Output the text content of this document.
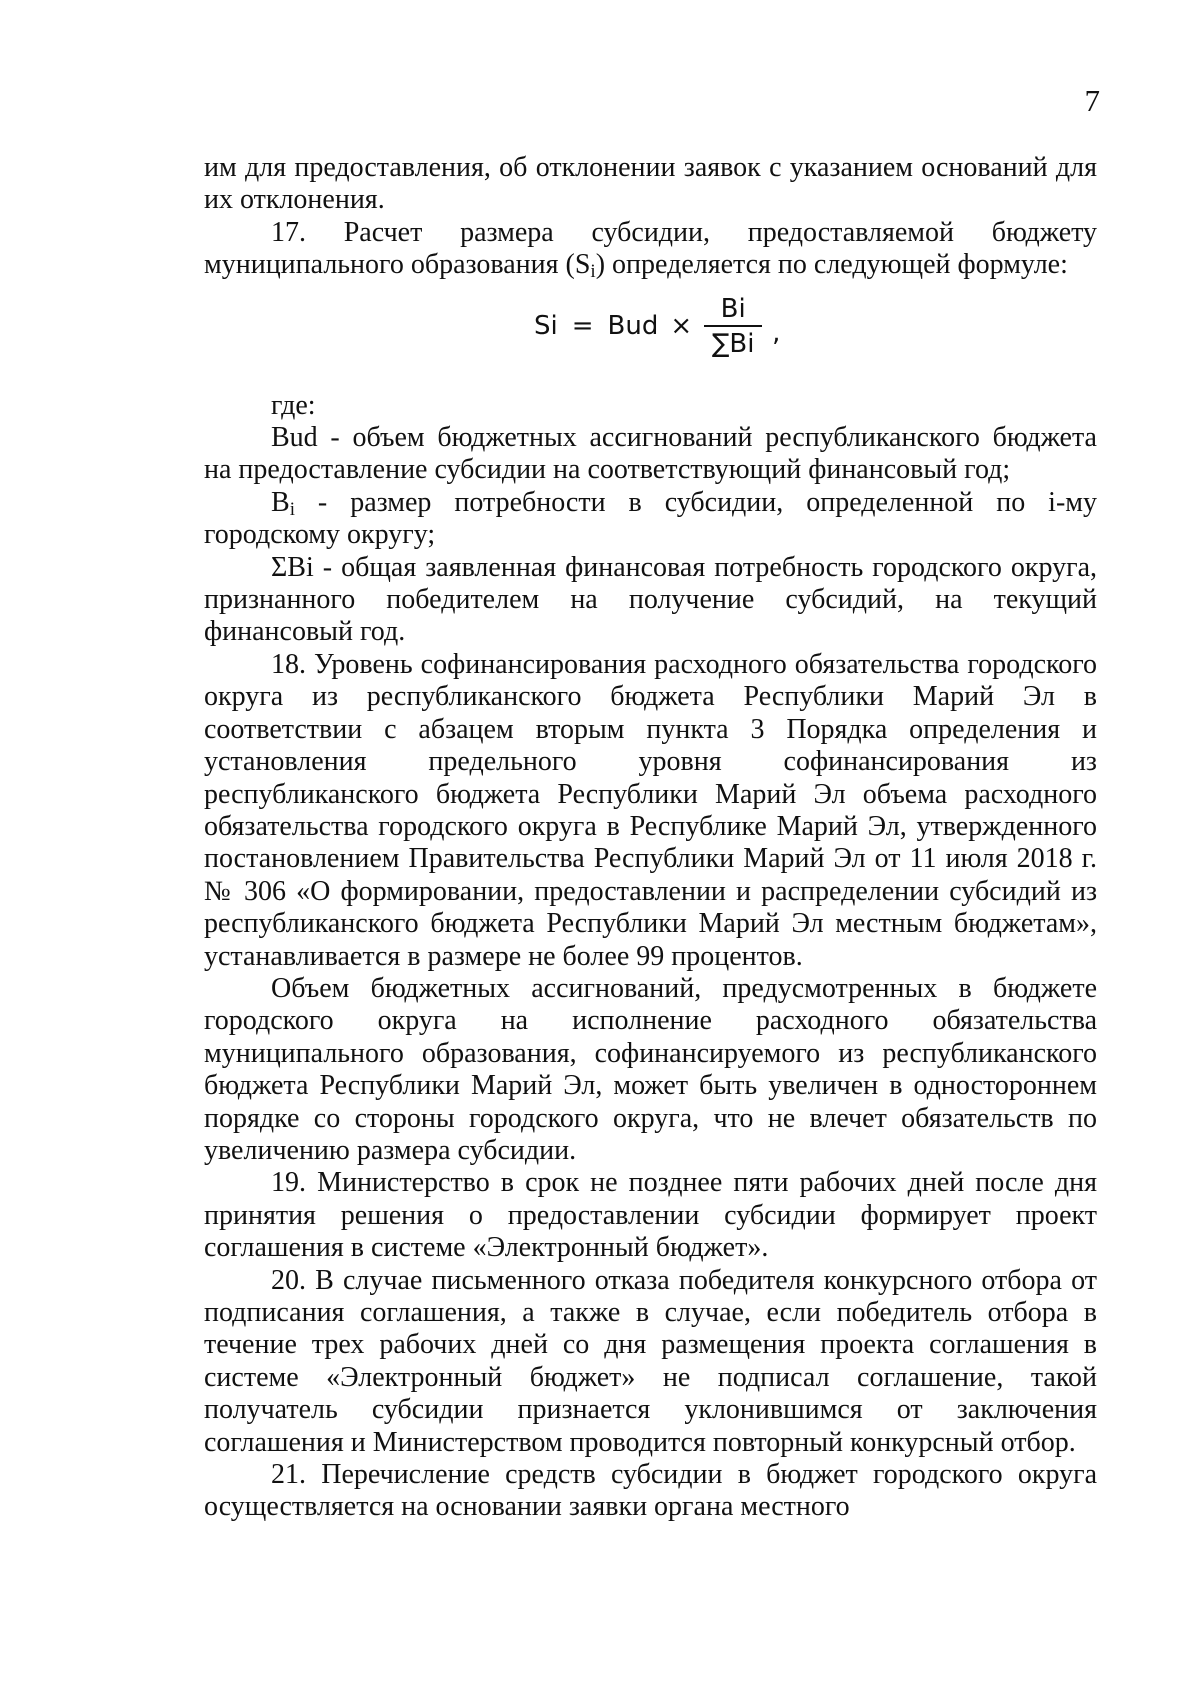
7

им для предоставления, об отклонении заявок с указанием оснований для их отклонения.

17. Расчет размера субсидии, предоставляемой бюджету муниципального образования $(S_i)$ определяется по следующей формуле:

Si = Bud × $\frac{Bi}{\sum Bi}$ ,

где:

Bud - объем бюджетных ассигнований республиканского бюджета на предоставление субсидии на соответствующий финансовый год;

$B_i$ - размер потребности в субсидии, определенной по i-му городскому округу;

ΣBi - общая заявленная финансовая потребность городского округа, признанного победителем на получение субсидий, на текущий финансовый год.

18. Уровень софинансирования расходного обязательства городского округа из республиканского бюджета Республики Марий Эл в соответствии с абзацем вторым пункта 3 Порядка определения и установления предельного уровня софинансирования из республиканского бюджета Республики Марий Эл объема расходного обязательства городского округа в Республике Марий Эл, утвержденного постановлением Правительства Республики Марий Эл от 11 июля 2018 г. № 306 «О формировании, предоставлении и распределении субсидий из республиканского бюджета Республики Марий Эл местным бюджетам», устанавливается в размере не более 99 процентов.

Объем бюджетных ассигнований, предусмотренных в бюджете городского округа на исполнение расходного обязательства муниципального образования, софинансируемого из республиканского бюджета Республики Марий Эл, может быть увеличен в одностороннем порядке со стороны городского округа, что не влечет обязательств по увеличению размера субсидии.

19. Министерство в срок не позднее пяти рабочих дней после дня принятия решения о предоставлении субсидии формирует проект соглашения в системе «Электронный бюджет».

20. В случае письменного отказа победителя конкурсного отбора от подписания соглашения, а также в случае, если победитель отбора в течение трех рабочих дней со дня размещения проекта соглашения в системе «Электронный бюджет» не подписал соглашение, такой получатель субсидии признается уклонившимся от заключения соглашения и Министерством проводится повторный конкурсный отбор.

21. Перечисление средств субсидии в бюджет городского округа осуществляется на основании заявки органа местного
